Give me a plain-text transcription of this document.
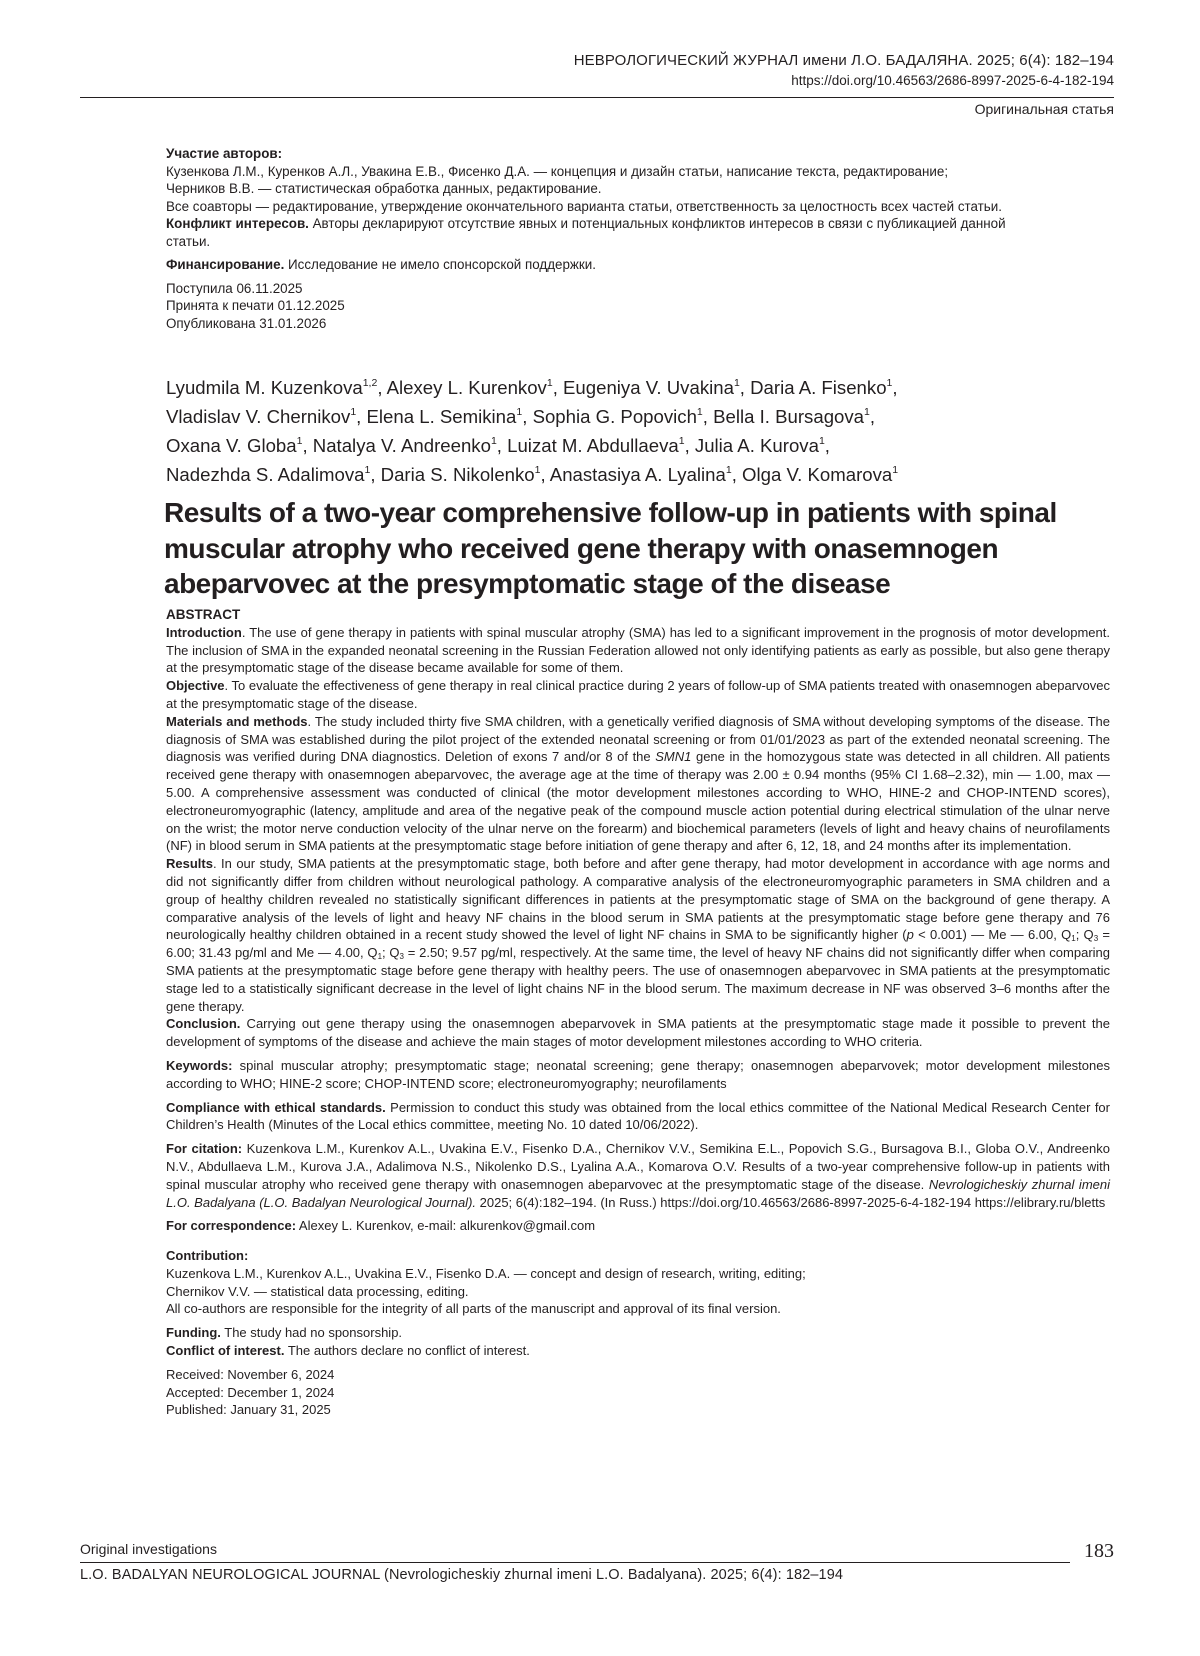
НЕВРОЛОГИЧЕСКИЙ ЖУРНАЛ имени Л.О. БАДАЛЯНА. 2025; 6(4): 182–194
https://doi.org/10.46563/2686-8997-2025-6-4-182-194
Оригинальная статья

Участие авторов:

Кузенкова Л.М., Куренков А.Л., Увакина Е.В., Фисенко Д.А. — концепция и дизайн статьи, написание текста, редактирование;

Черников В.В. — статистическая обработка данных, редактирование.

Все соавторы — редактирование, утверждение окончательного варианта статьи, ответственность за целостность всех частей статьи.

Конфликт интересов. Авторы декларируют отсутствие явных и потенциальных конфликтов интересов в связи с публикацией данной статьи.

Финансирование. Исследование не имело спонсорской поддержки.

Поступила 06.11.2025

Принята к печати 01.12.2025

Опубликована 31.01.2026

Lyudmila M. Kuzenkova$^{1,2}$, Alexey L. Kurenkov$^1$, Eugeniya V. Uvakina$^1$, Daria A. Fisenko$^1$,
Vladislav V. Chernikov$^1$, Elena L. Semikina$^1$, Sophia G. Popovich$^1$, Bella I. Bursagova$^1$,
Oxana V. Globa$^1$, Natalya V. Andreenko$^1$, Luizat M. Abdullaeva$^1$, Julia A. Kurova$^1$,
Nadezhda S. Adalimova$^1$, Daria S. Nikolenko$^1$, Anastasiya A. Lyalina$^1$, Olga V. Komarova$^1$
Results of a two-year comprehensive follow-up in patients with spinal muscular atrophy who received gene therapy with onasemnogen abeparvovec at the presymptomatic stage of the disease

ABSTRACT

Introduction. The use of gene therapy in patients with spinal muscular atrophy (SMA) has led to a significant improvement in the prognosis of motor development. The inclusion of SMA in the expanded neonatal screening in the Russian Federation allowed not only identifying patients as early as possible, but also gene therapy at the presymptomatic stage of the disease became available for some of them.

Objective. To evaluate the effectiveness of gene therapy in real clinical practice during 2 years of follow-up of SMA patients treated with onasemnogen abeparvovec at the presymptomatic stage of the disease.

Materials and methods. The study included thirty five SMA children, with a genetically verified diagnosis of SMA without developing symptoms of the disease. The diagnosis of SMA was established during the pilot project of the extended neonatal screening or from 01/01/2023 as part of the extended neonatal screening. The diagnosis was verified during DNA diagnostics. Deletion of exons 7 and/or 8 of the SMN1 gene in the homozygous state was detected in all children. All patients received gene therapy with onasemnogen abeparvovec, the average age at the time of therapy was 2.00 ± 0.94 months (95% CI 1.68–2.32), min — 1.00, max — 5.00. A comprehensive assessment was conducted of clinical (the motor development milestones according to WHO, HINE-2 and CHOP-INTEND scores), electroneuromyographic (latency, amplitude and area of the negative peak of the compound muscle action potential during electrical stimulation of the ulnar nerve on the wrist; the motor nerve conduction velocity of the ulnar nerve on the forearm) and biochemical parameters (levels of light and heavy chains of neurofilaments (NF) in blood serum in SMA patients at the presymptomatic stage before initiation of gene therapy and after 6, 12, 18, and 24 months after its implementation.

Results. In our study, SMA patients at the presymptomatic stage, both before and after gene therapy, had motor development in accordance with age norms and did not significantly differ from children without neurological pathology. A comparative analysis of the electroneuromyographic parameters in SMA children and a group of healthy children revealed no statistically significant differences in patients at the presymptomatic stage of SMA on the background of gene therapy. A comparative analysis of the levels of light and heavy NF chains in the blood serum in SMA patients at the presymptomatic stage before gene therapy and 76 neurologically healthy children obtained in a recent study showed the level of light NF chains in SMA to be significantly higher (p < 0.001) — Me — 6.00, $Q_1$; $Q_3 = 6.00$; 31.43 pg/ml and Me — 4.00, $Q_1$; $Q_3 = 2.50$; 9.57 pg/ml, respectively. At the same time, the level of heavy NF chains did not significantly differ when comparing SMA patients at the presymptomatic stage before gene therapy with healthy peers. The use of onasemnogen abeparvovec in SMA patients at the presymptomatic stage led to a statistically significant decrease in the level of light chains NF in the blood serum. The maximum decrease in NF was observed 3–6 months after the gene therapy.

Conclusion. Carrying out gene therapy using the onasemnogen abeparvovek in SMA patients at the presymptomatic stage made it possible to prevent the development of symptoms of the disease and achieve the main stages of motor development milestones according to WHO criteria.

Keywords: spinal muscular atrophy; presymptomatic stage; neonatal screening; gene therapy; onasemnogen abeparvovek; motor development milestones according to WHO; HINE-2 score; CHOP-INTEND score; electroneuromyography; neurofilaments

Compliance with ethical standards. Permission to conduct this study was obtained from the local ethics committee of the National Medical Research Center for Children’s Health (Minutes of the Local ethics committee, meeting No. 10 dated 10/06/2022).

For citation: Kuzenkova L.M., Kurenkov A.L., Uvakina E.V., Fisenko D.A., Chernikov V.V., Semikina E.L., Popovich S.G., Bursagova B.I., Globa O.V., Andreenko N.V., Abdullaeva L.M., Kurova J.A., Adalimova N.S., Nikolenko D.S., Lyalina A.A., Komarova O.V. Results of a two-year comprehensive follow-up in patients with spinal muscular atrophy who received gene therapy with onasemnogen abeparvovec at the presymptomatic stage of the disease. Nevrologicheskiy zhurnal imeni L.O. Badalyana (L.O. Badalyan Neurological Journal). 2025; 6(4):182–194. (In Russ.) https://doi.org/10.46563/2686-8997-2025-6-4-182-194 https://elibrary.ru/bletts

For correspondence: Alexey L. Kurenkov, e-mail: alkurenkov@gmail.com

Contribution:

Kuzenkova L.M., Kurenkov A.L., Uvakina E.V., Fisenko D.A. — concept and design of research, writing, editing;

Chernikov V.V. — statistical data processing, editing.

All co-authors are responsible for the integrity of all parts of the manuscript and approval of its final version.

Funding. The study had no sponsorship.

Conflict of interest. The authors declare no conflict of interest.

Received: November 6, 2024

Accepted: December 1, 2024

Published: January 31, 2025

Original investigations	183
L.O. BADALYAN NEUROLOGICAL JOURNAL (Nevrologicheskiy zhurnal imeni L.O. Badalyana). 2025; 6(4): 182–194
